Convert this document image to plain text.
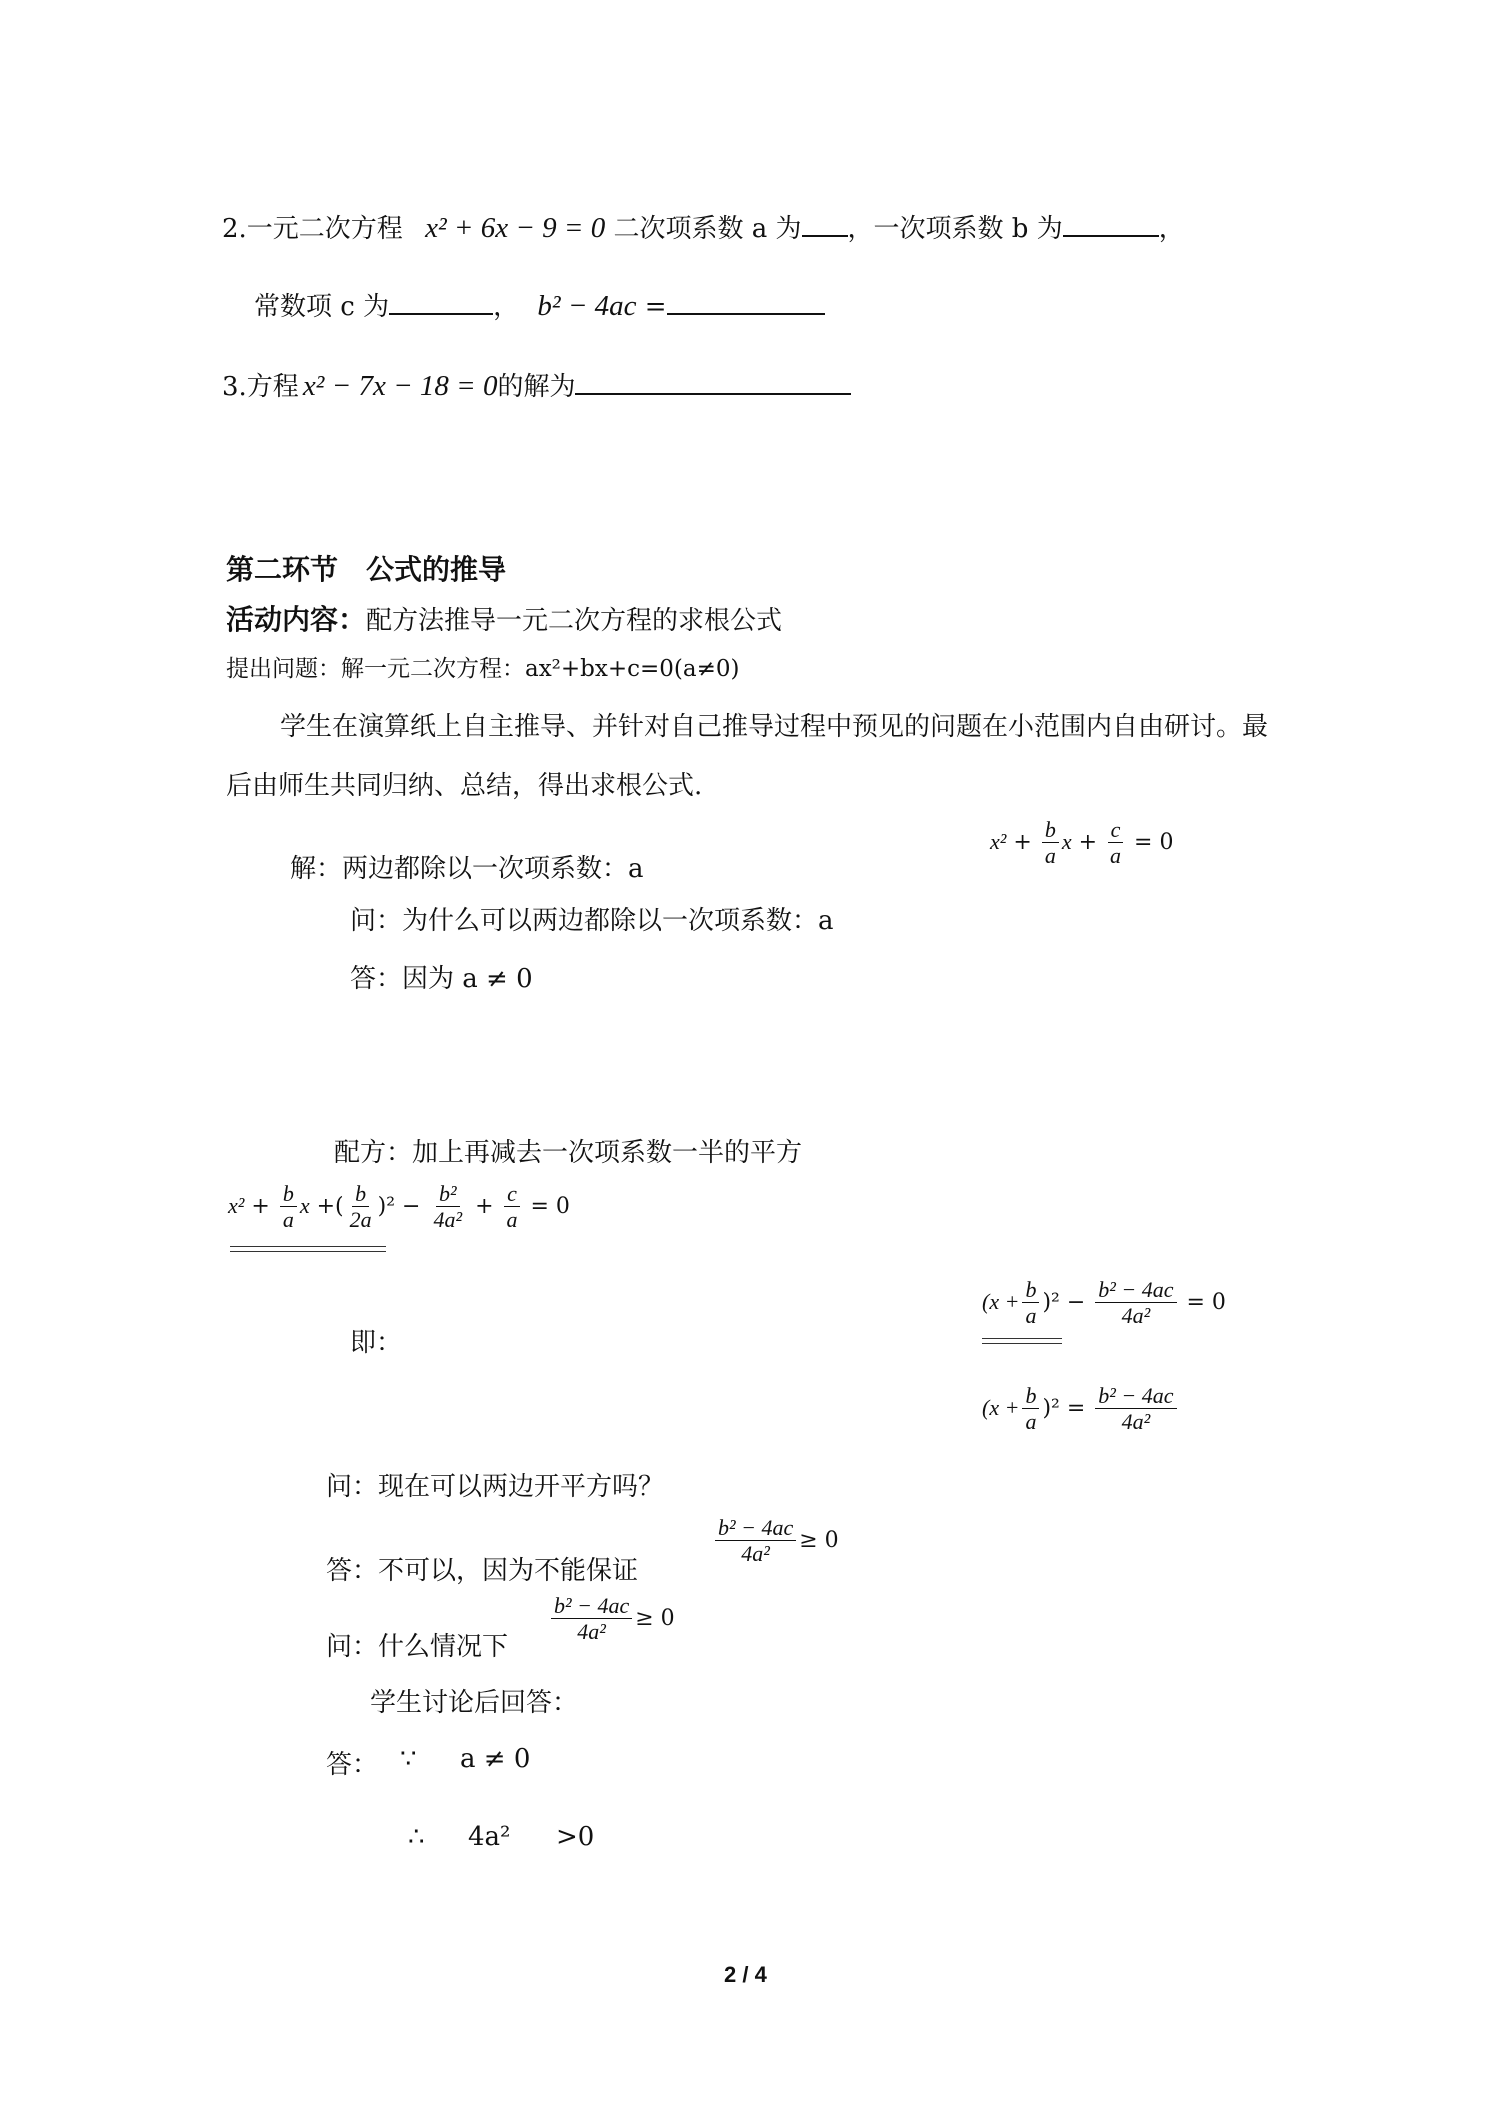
2.一元二次方程 x² + 6x − 9 = 0 二次项系数 a 为 ，一次项系数 b 为	，
常数项 c 为	， b² − 4ac =
3.方程 x² − 7x − 18 = 0的解为
第二环节　公式的推导
活动内容：配方法推导一元二次方程的求根公式
提出问题：解一元二次方程：ax²+bx+c=0(a≠0)
学生在演算纸上自主推导、并针对自己推导过程中预见的问题在小范围内自由研讨。最
后由师生共同归纳、总结，得出求根公式.
解：两边都除以一次项系数：a
$x^2 + \frac{b}{a}$ $x + \frac{c}{a} = 0$
问：为什么可以两边都除以一次项系数：a
答：因为 a ≠ 0
配方：加上再减去一次项系数一半的平方
$x^2 + \frac{b}{a}$ x +( $\frac{b}{2a} )^2 - \frac{\text{b²}}{\text{4a²}} + \frac{c}{a} = 0$
即：
$(x + \frac{b}{a} )^2 - \frac{\text{b² − 4ac}}{\text{4a²}} = 0$
$(x + \frac{b}{a} )^2 = \frac{\text{b² − 4ac}}{\text{4a²}}$
问：现在可以两边开平方吗？
答：不可以，因为不能保证
$\frac{\text{b² − 4ac}}{\text{4a²}} \ge 0$
问：什么情况下
$\frac{\text{b² − 4ac}}{\text{4a²}} \ge 0$
学生讨论后回答：
答： ∵ a ≠ 0
∴ 4a² >0
2 / 4
